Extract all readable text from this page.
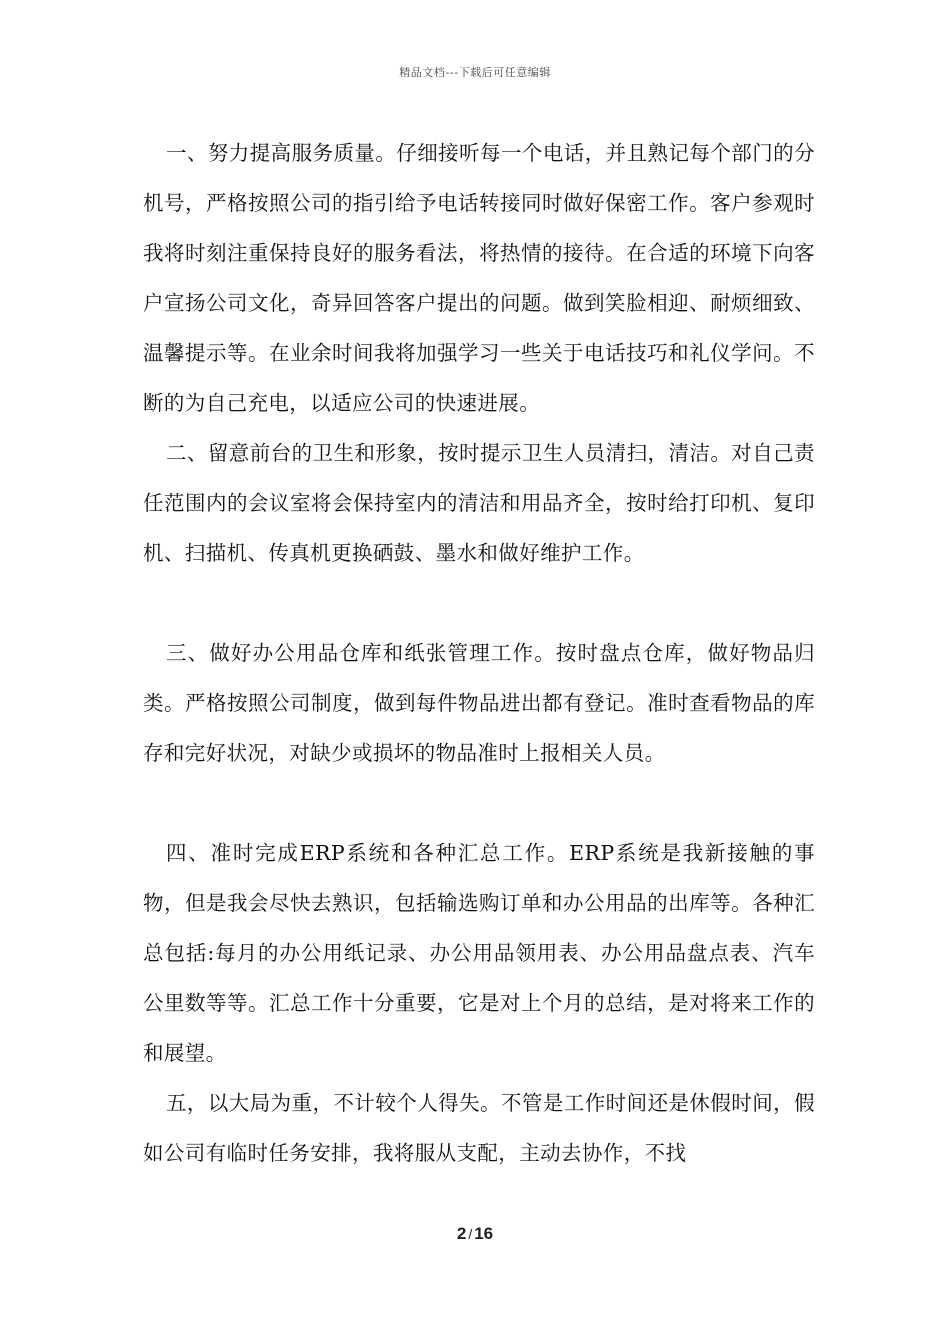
精品文档---下载后可任意编辑

一、努力提高服务质量。仔细接听每一个电话，并且熟记每个部门的分机号，严格按照公司的指引给予电话转接同时做好保密工作。客户参观时我将时刻注重保持良好的服务看法，将热情的接待。在合适的环境下向客户宣扬公司文化，奇异回答客户提出的问题。做到笑脸相迎、耐烦细致、温馨提示等。在业余时间我将加强学习一些关于电话技巧和礼仪学问。不断的为自己充电，以适应公司的快速进展。

二、留意前台的卫生和形象，按时提示卫生人员清扫，清洁。对自己责任范围内的会议室将会保持室内的清洁和用品齐全，按时给打印机、复印机、扫描机、传真机更换硒鼓、墨水和做好维护工作。

三、做好办公用品仓库和纸张管理工作。按时盘点仓库，做好物品归类。严格按照公司制度，做到每件物品进出都有登记。准时查看物品的库存和完好状况，对缺少或损坏的物品准时上报相关人员。

四、准时完成ERP系统和各种汇总工作。ERP系统是我新接触的事物，但是我会尽快去熟识，包括输选购订单和办公用品的出库等。各种汇总包括:每月的办公用纸记录、办公用品领用表、办公用品盘点表、汽车公里数等等。汇总工作十分重要，它是对上个月的总结，是对将来工作的和展望。

五，以大局为重，不计较个人得失。不管是工作时间还是休假时间，假如公司有临时任务安排，我将服从支配，主动去协作，不找

2 / 16
